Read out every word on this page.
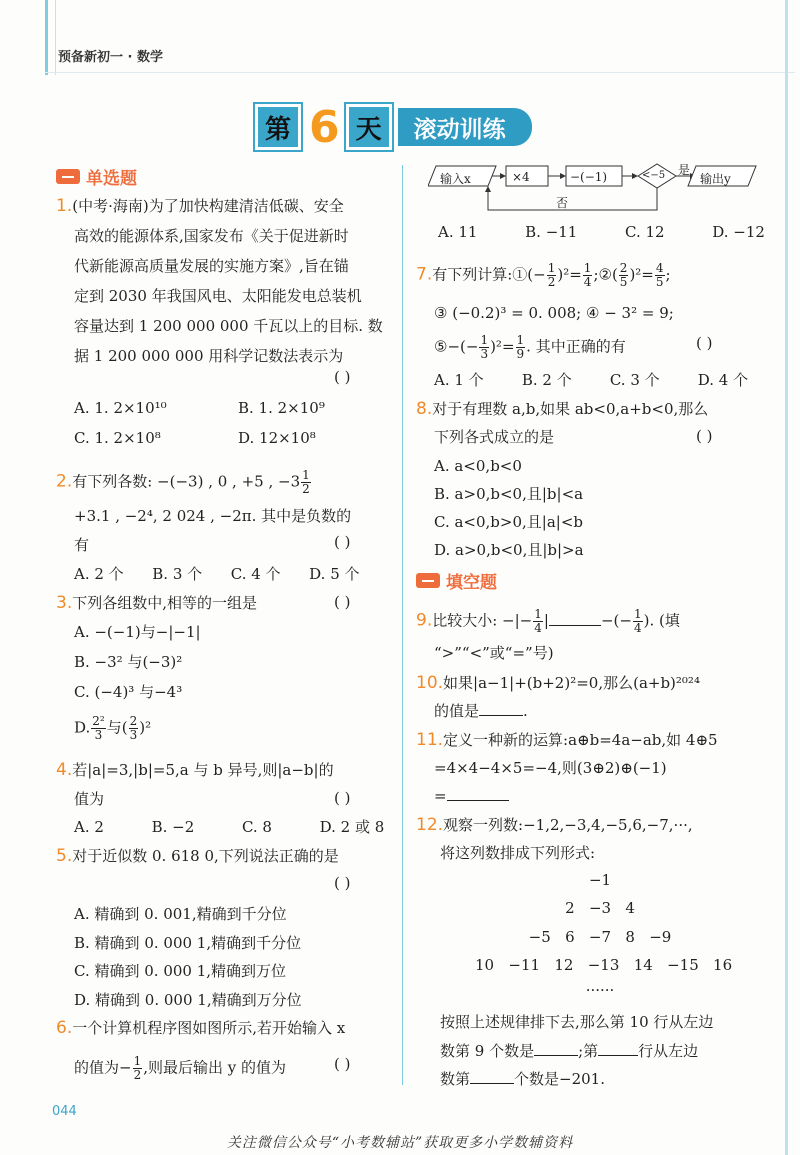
预备新初一 · 数学
第 6 天	滚动训练
单选题
1.(中考·海南)为了加快构建清洁低碳、安全
高效的能源体系,国家发布《关于促进新时
代新能源高质量发展的实施方案》,旨在锚
定到 2030 年我国风电、太阳能发电总装机
容量达到 1 200 000 000 千瓦以上的目标. 数
据 1 200 000 000 用科学记数法表示为
( )
A. 1. 2×10¹⁰	B. 1. 2×10⁹
C. 1. 2×10⁸	D. 12×10⁸
2.有下列各数: −(−3) , 0 , +5 , $-3 \frac{1}{2}$
+3.1 , −2⁴, 2 024 , −2π. 其中是负数的
有	( )
A. 2 个      B. 3 个      C. 4 个      D. 5 个
3.下列各组数中,相等的一组是	( )
A. −(−1)与−|−1|
B. −3² 与(−3)²
C. (−4)³ 与−4³
D. $\frac{\text{2²}}{3}$ 与( $\frac{2}{3} )^2$
4.若|a|=3,|b|=5,a 与 b 异号,则|a−b|的
值为	( )
A. 2          B. −2          C. 8          D. 2 或 8
5.对于近似数 0. 618 0,下列说法正确的是
( )
A. 精确到 0. 001,精确到千分位
B. 精确到 0. 000 1,精确到千分位
C. 精确到 0. 000 1,精确到万位
D. 精确到 0. 000 1,精确到万分位
6.一个计算机程序图如图所示,若开始输入 x
的值为− $\frac{1}{2}$ ,则最后输出 y 的值为	( )
输入x	×4	−(−1)	<−5 是
输出y
否
A. 11          B. −11          C. 12          D. −12
7.有下列计算:①(− $\frac{1}{2} )^2= \frac{1}{4}$ ;②( $\frac{2}{5} )^2= \frac{4}{5}$ ;
③ (−0.2)³ = 0. 008; ④ − 3² = 9;
⑤−(− $\frac{1}{3} )^2= \frac{1}{9}$ . 其中正确的有	( )
A. 1 个        B. 2 个        C. 3 个        D. 4 个
8.对于有理数 a,b,如果 ab<0,a+b<0,那么
下列各式成立的是	( )
A. a<0,b<0
B. a>0,b<0,且|b|<a
C. a<0,b>0,且|a|<b
D. a>0,b<0,且|b|>a
填空题
9.比较大小: −|− $\frac{1}{4}$ |	−(− $\frac{1}{4}$ ). (填
“>”“<”或“=”号)
10.如果|a−1|+(b+2)²=0,那么(a+b)²⁰²⁴
的值是	.
11.定义一种新的运算:a⊕b=4a−ab,如 4⊕5
=4×4−4×5=−4,则(3⊕2)⊕(−1)
=
12.观察一列数:−1,2,−3,4,−5,6,−7,···,
将这列数排成下列形式:
−1
2   −3   4
−5   6   −7   8   −9
10   −11   12   −13   14   −15   16
······
按照上述规律排下去,那么第 10 行从左边
数第 9 个数是	;第	行从左边
数第	个数是−201.
044
关注微信公众号“小考数辅站”获取更多小学数辅资料
